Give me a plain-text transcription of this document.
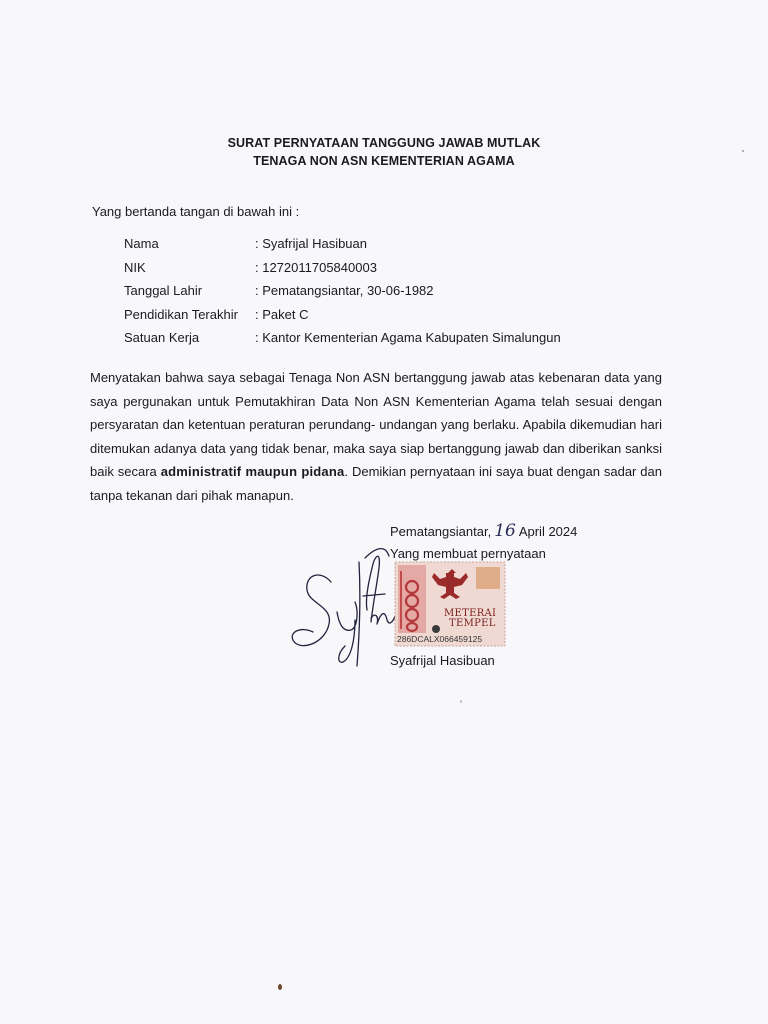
SURAT PERNYATAAN TANGGUNG JAWAB MUTLAK
TENAGA NON ASN KEMENTERIAN AGAMA
Yang bertanda tangan di bawah ini :
Nama	: Syafrijal Hasibuan
NIK	: 1272011705840003
Tanggal Lahir	: Pematangsiantar, 30-06-1982
Pendidikan Terakhir : Paket C
Satuan Kerja	: Kantor Kementerian Agama Kabupaten Simalungun

Menyatakan bahwa saya sebagai Tenaga Non ASN bertanggung jawab atas kebenaran data yang saya pergunakan untuk Pemutakhiran Data Non ASN Kementerian Agama telah sesuai dengan persyaratan dan ketentuan peraturan perundang- undangan yang berlaku. Apabila dikemudian hari ditemukan adanya data yang tidak benar, maka saya siap bertanggung jawab dan diberikan sanksi baik secara administratif maupun pidana. Demikian pernyataan ini saya buat dengan sadar dan tanpa tekanan dari pihak manapun.

Pematangsiantar, 16 April 2024
Yang membuat pernyataan
METERAI
TEMPEL
286DCALX066459125
Syafrijal Hasibuan
